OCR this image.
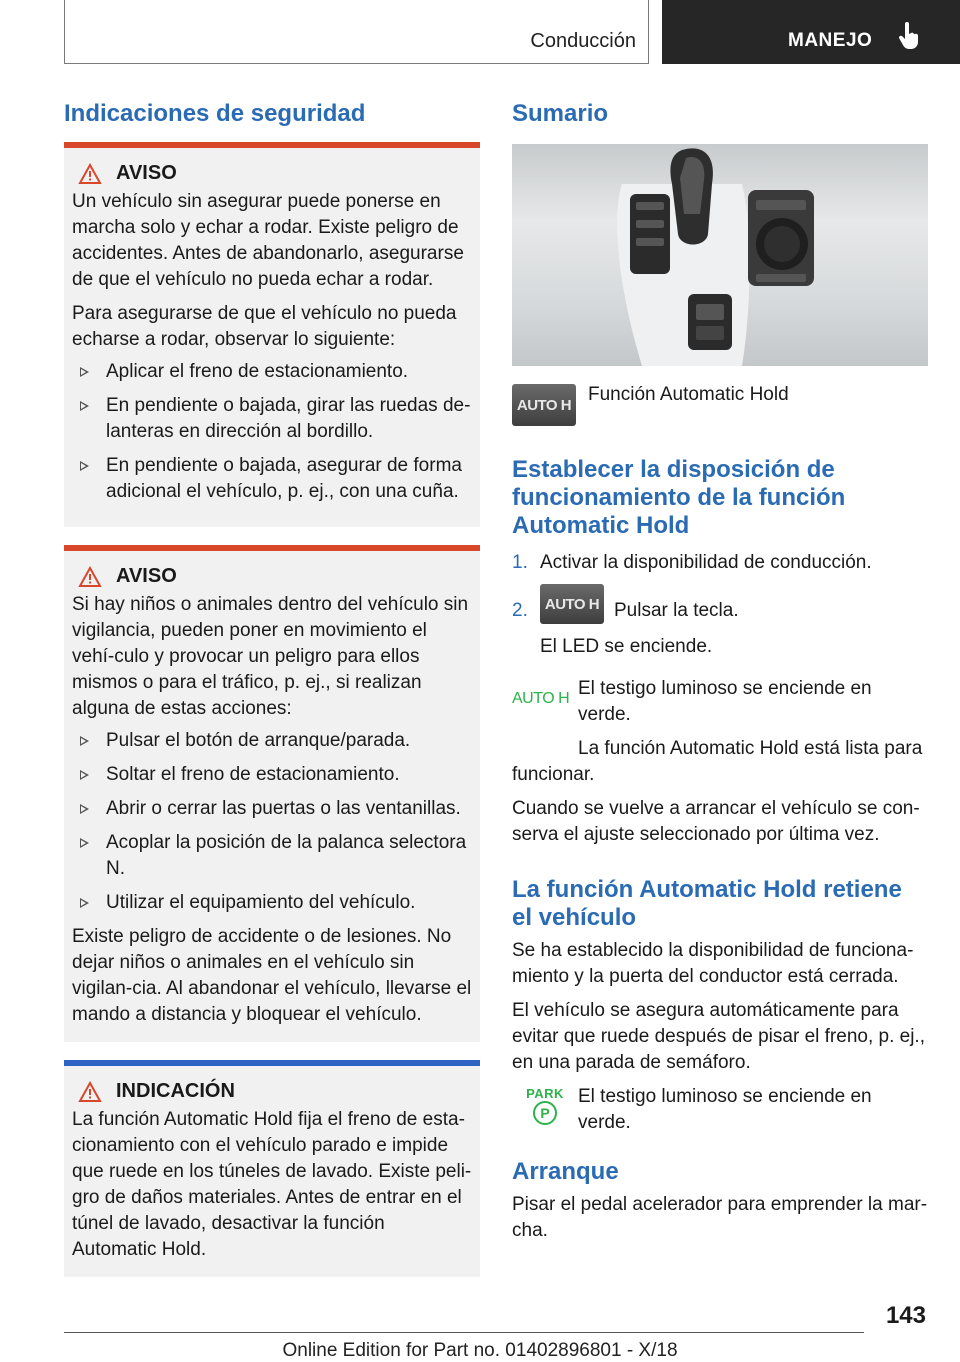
Conducción	MANEJO
Indicaciones de seguridad
AVISO

Un vehículo sin asegurar puede ponerse en marcha solo y echar a rodar. Existe peligro de accidentes. Antes de abandonarlo, asegurarse de que el vehículo no pueda echar a rodar.

Para asegurarse de que el vehículo no pueda echarse a rodar, observar lo siguiente:

Aplicar el freno de estacionamiento.
En pendiente o bajada, girar las ruedas de-lanteras en dirección al bordillo.
En pendiente o bajada, asegurar de forma adicional el vehículo, p. ej., con una cuña.
AVISO

Si hay niños o animales dentro del vehículo sin vigilancia, pueden poner en movimiento el vehí-culo y provocar un peligro para ellos mismos o para el tráfico, p. ej., si realizan alguna de estas acciones:

Pulsar el botón de arranque/parada.
Soltar el freno de estacionamiento.
Abrir o cerrar las puertas o las ventanillas.
Acoplar la posición de la palanca selectora N.
Utilizar el equipamiento del vehículo.

Existe peligro de accidente o de lesiones. No dejar niños o animales en el vehículo sin vigilan-cia. Al abandonar el vehículo, llevarse el mando a distancia y bloquear el vehículo.

INDICACIÓN

La función Automatic Hold fija el freno de esta-cionamiento con el vehículo parado e impide que ruede en los túneles de lavado. Existe peli-gro de daños materiales. Antes de entrar en el túnel de lavado, desactivar la función Automatic Hold.

Sumario
AUTO H Función Automatic Hold
Establecer la disposición de funcionamiento de la función Automatic Hold

1. Activar la disponibilidad de conducción.

2.	AUTO H Pulsar la tecla.

El LED se enciende.

AUTO H El testigo luminoso se enciende en verde.

La función Automatic Hold está lista para funcionar.

Cuando se vuelve a arrancar el vehículo se con-serva el ajuste seleccionado por última vez.

La función Automatic Hold retiene el vehículo

Se ha establecido la disponibilidad de funciona-miento y la puerta del conductor está cerrada.

El vehículo se asegura automáticamente para evitar que ruede después de pisar el freno, p. ej., en una parada de semáforo.

PARK
P

El testigo luminoso se enciende en verde.

Arranque

Pisar el pedal acelerador para emprender la mar-cha.

143
Online Edition for Part no. 01402896801 - X/18
